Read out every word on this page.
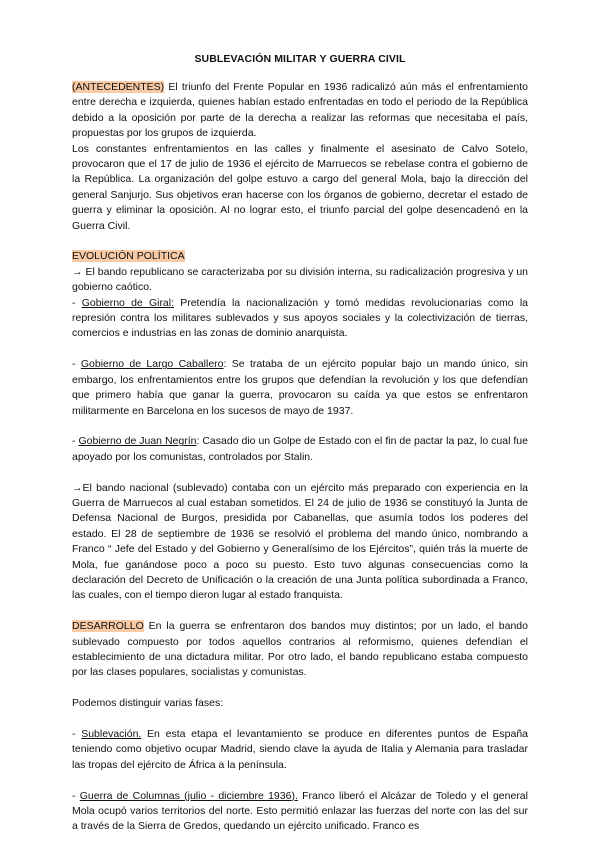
SUBLEVACIÓN MILITAR Y GUERRA CIVIL

(ANTECEDENTES) El triunfo del Frente Popular en 1936 radicalizó aún más el enfrentamiento entre derecha e izquierda, quienes habían estado enfrentadas en todo el periodo de la República debido a la oposición por parte de la derecha a realizar las reformas que necesitaba el país, propuestas por los grupos de izquierda.

Los constantes enfrentamientos en las calles y finalmente el asesinato de Calvo Sotelo, provocaron que el 17 de julio de 1936 el ejército de Marruecos se rebelase contra el gobierno de la República. La organización del golpe estuvo a cargo del general Mola, bajo la dirección del general Sanjurjo. Sus objetivos eran hacerse con los órganos de gobierno, decretar el estado de guerra y eliminar la oposición. Al no lograr esto, el triunfo parcial del golpe desencadenó en la Guerra Civil.

EVOLUCIÓN POLÍTICA

→ El bando republicano se caracterizaba por su división interna, su radicalización progresiva y un gobierno caótico.

- Gobierno de Giral: Pretendía la nacionalización y tomó medidas revolucionarias como la represión contra los militares sublevados y sus apoyos sociales y la colectivización de tierras, comercios e industrias en las zonas de dominio anarquista.

- Gobierno de Largo Caballero: Se trataba de un ejército popular bajo un mando único, sin embargo, los enfrentamientos entre los grupos que defendían la revolución y los que defendían que primero había que ganar la guerra, provocaron su caída ya que estos se enfrentaron militarmente en Barcelona en los sucesos de mayo de 1937.

- Gobierno de Juan Negrín: Casado dio un Golpe de Estado con el fin de pactar la paz, lo cual fue apoyado por los comunistas, controlados por Stalin.

→El bando nacional (sublevado) contaba con un ejército más preparado con experiencia en la Guerra de Marruecos al cual estaban sometidos. El 24 de julio de 1936 se constituyó la Junta de Defensa Nacional de Burgos, presidida por Cabanellas, que asumía todos los poderes del estado. El 28 de septiembre de 1936 se resolvió el problema del mando único, nombrando a Franco “ Jefe del Estado y del Gobierno y Generalísimo de los Ejércitos”, quién trás la muerte de Mola, fue ganándose poco a poco su puesto. Esto tuvo algunas consecuencias como la declaración del Decreto de Unificación o la creación de una Junta política subordinada a Franco, las cuales, con el tiempo dieron lugar al estado franquista.

DESARROLLO En la guerra se enfrentaron dos bandos muy distintos; por un lado, el bando sublevado compuesto por todos aquellos contrarios al reformismo, quienes defendían el establecimiento de una dictadura militar. Por otro lado, el bando republicano estaba compuesto por las clases populares, socialistas y comunistas.

Podemos distinguir varias fases:

- Sublevación. En esta etapa el levantamiento se produce en diferentes puntos de España teniendo como objetivo ocupar Madrid, siendo clave la ayuda de Italia y Alemania para trasladar las tropas del ejército de África a la península.

- Guerra de Columnas (julio - diciembre 1936). Franco liberó el Alcázar de Toledo y el general Mola ocupó varios territorios del norte. Esto permitió enlazar las fuerzas del norte con las del sur a través de la Sierra de Gredos, quedando un ejército unificado. Franco es
